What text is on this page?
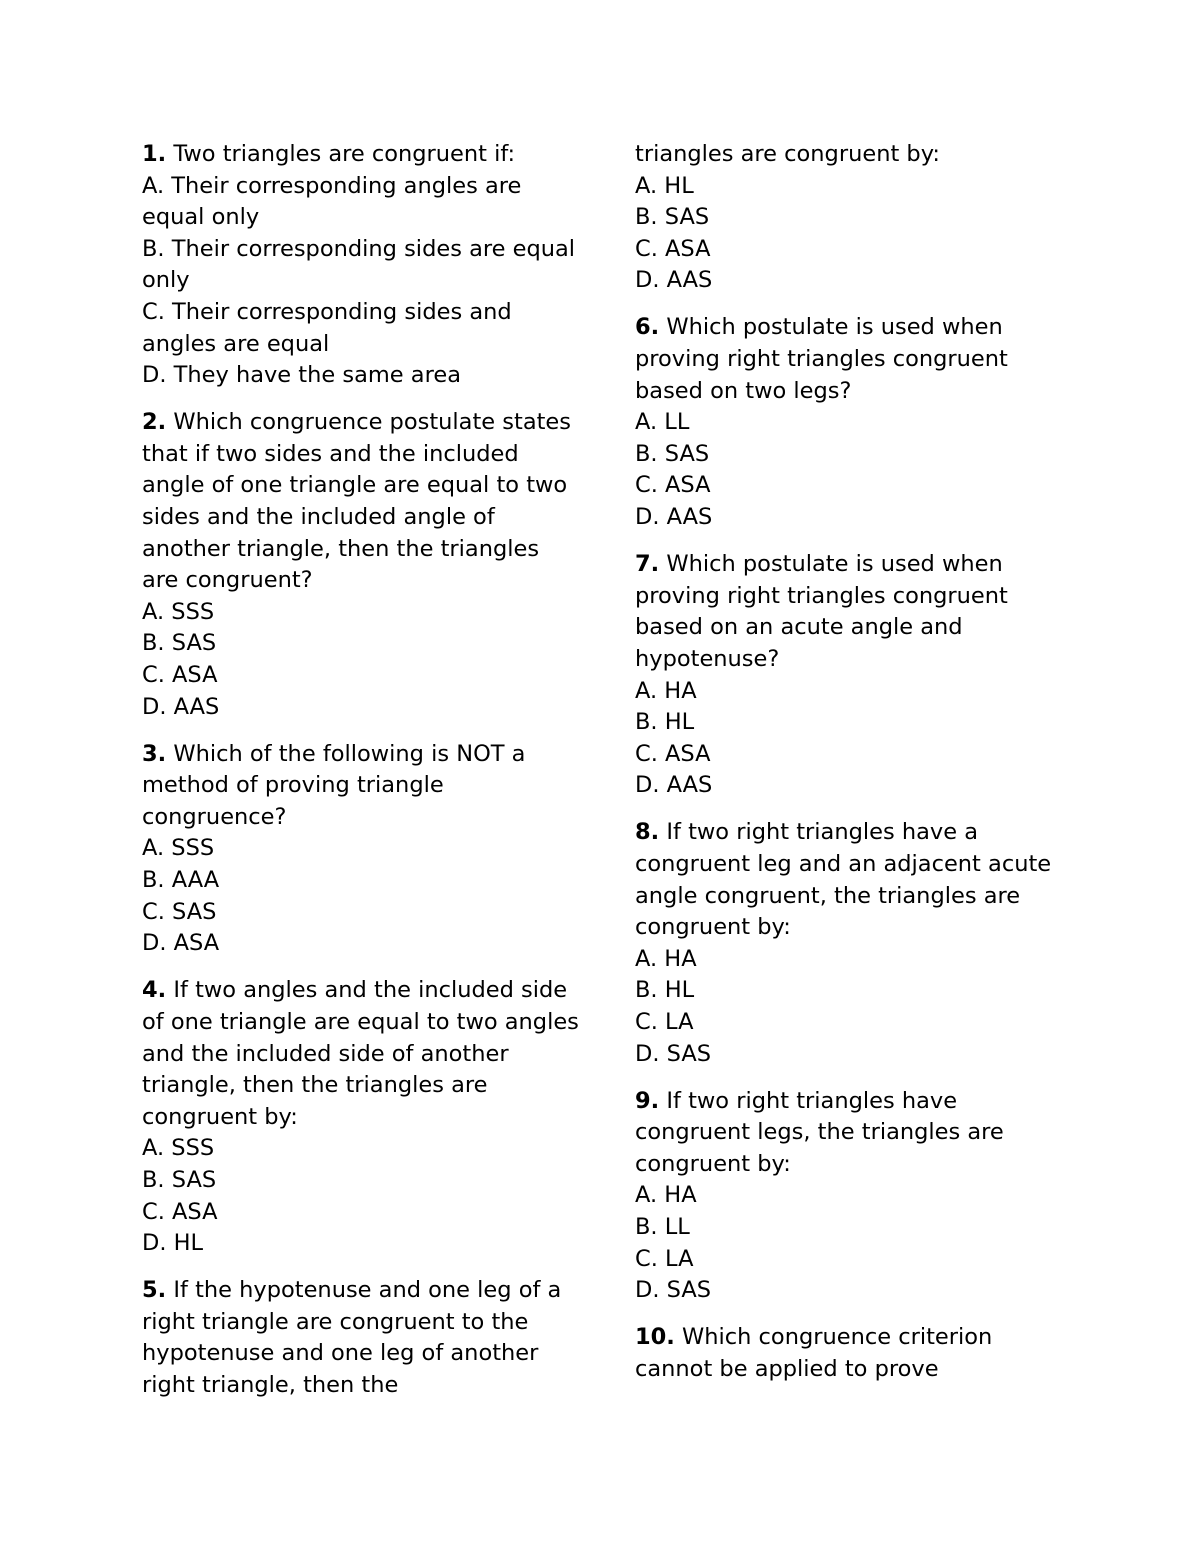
1. Two triangles are congruent if:

A. Their corresponding angles are equal only

B. Their corresponding sides are equal only

C. Their corresponding sides and angles are equal

D. They have the same area

2. Which congruence postulate states that if two sides and the included angle of one triangle are equal to two sides and the included angle of another triangle, then the triangles are congruent?

A. SSS

B. SAS

C. ASA

D. AAS

3. Which of the following is NOT a method of proving triangle congruence?

A. SSS

B. AAA

C. SAS

D. ASA

4. If two angles and the included side of one triangle are equal to two angles and the included side of another triangle, then the triangles are congruent by:

A. SSS

B. SAS

C. ASA

D. HL

5. If the hypotenuse and one leg of a right triangle are congruent to the hypotenuse and one leg of another right triangle, then the

triangles are congruent by:

A. HL

B. SAS

C. ASA

D. AAS

6. Which postulate is used when proving right triangles congruent based on two legs?

A. LL

B. SAS

C. ASA

D. AAS

7. Which postulate is used when proving right triangles congruent based on an acute angle and hypotenuse?

A. HA

B. HL

C. ASA

D. AAS

8. If two right triangles have a congruent leg and an adjacent acute angle congruent, the triangles are congruent by:

A. HA

B. HL

C. LA

D. SAS

9. If two right triangles have congruent legs, the triangles are congruent by:

A. HA

B. LL

C. LA

D. SAS

10. Which congruence criterion cannot be applied to prove
